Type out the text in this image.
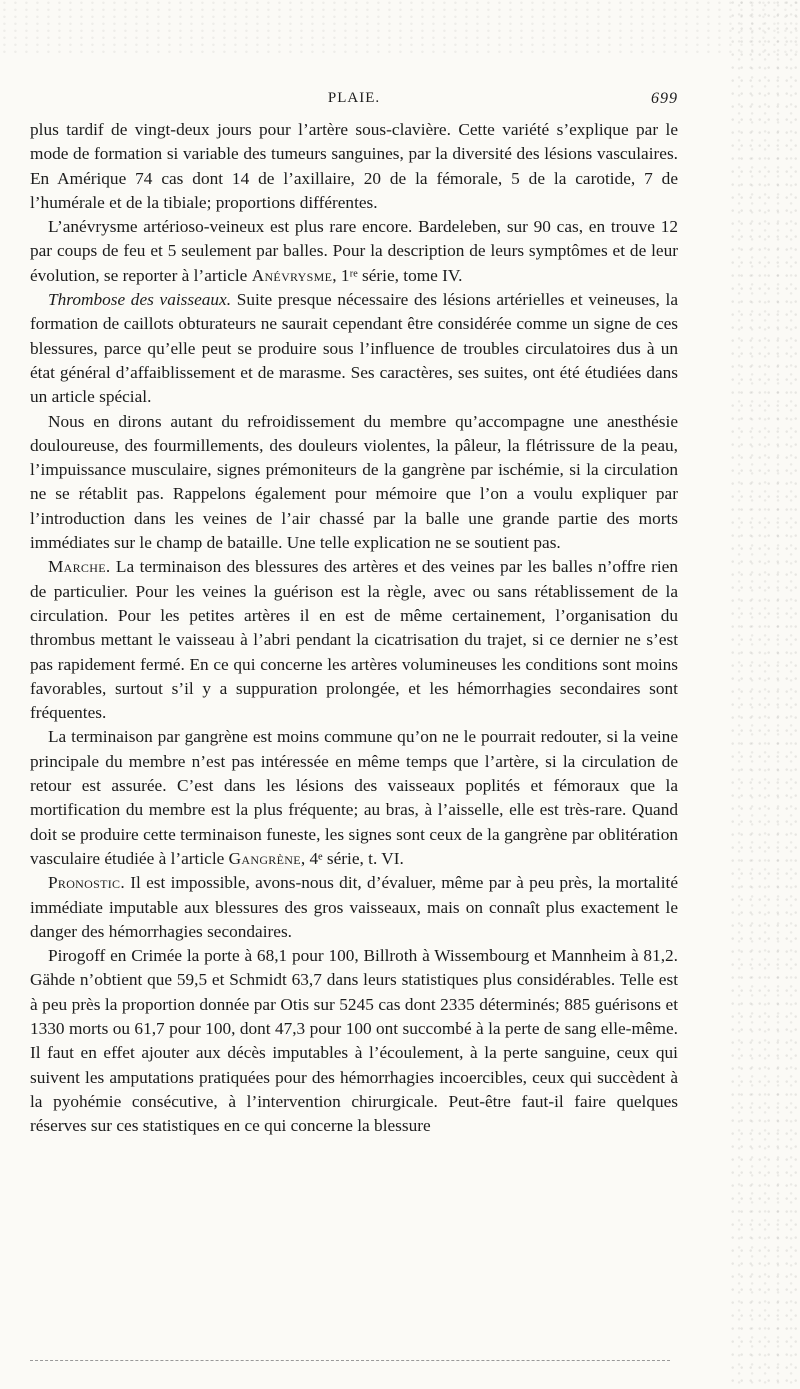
PLAIE.	699

plus tardif de vingt-deux jours pour l’artère sous-clavière. Cette variété s’explique par le mode de formation si variable des tumeurs sanguines, par la diversité des lésions vasculaires. En Amérique 74 cas dont 14 de l’axillaire, 20 de la fémorale, 5 de la carotide, 7 de l’humérale et de la tibiale; proportions différentes.

L’anévrysme artérioso-veineux est plus rare encore. Bardeleben, sur 90 cas, en trouve 12 par coups de feu et 5 seulement par balles. Pour la description de leurs symptômes et de leur évolution, se reporter à l’article Anévrysme, 1ʳᵉ série, tome IV.

Thrombose des vaisseaux. Suite presque nécessaire des lésions artérielles et veineuses, la formation de caillots obturateurs ne saurait cependant être considérée comme un signe de ces blessures, parce qu’elle peut se produire sous l’influence de troubles circulatoires dus à un état général d’affaiblissement et de marasme. Ses caractères, ses suites, ont été étudiées dans un article spécial.

Nous en dirons autant du refroidissement du membre qu’accompagne une anesthésie douloureuse, des fourmillements, des douleurs violentes, la pâleur, la flétrissure de la peau, l’impuissance musculaire, signes prémoniteurs de la gangrène par ischémie, si la circulation ne se rétablit pas. Rappelons également pour mémoire que l’on a voulu expliquer par l’introduction dans les veines de l’air chassé par la balle une grande partie des morts immédiates sur le champ de bataille. Une telle explication ne se soutient pas.

Marche. La terminaison des blessures des artères et des veines par les balles n’offre rien de particulier. Pour les veines la guérison est la règle, avec ou sans rétablissement de la circulation. Pour les petites artères il en est de même certainement, l’organisation du thrombus mettant le vaisseau à l’abri pendant la cicatrisation du trajet, si ce dernier ne s’est pas rapidement fermé. En ce qui concerne les artères volumineuses les conditions sont moins favorables, surtout s’il y a suppuration prolongée, et les hémorrhagies secondaires sont fréquentes.

La terminaison par gangrène est moins commune qu’on ne le pourrait redouter, si la veine principale du membre n’est pas intéressée en même temps que l’artère, si la circulation de retour est assurée. C’est dans les lésions des vaisseaux poplités et fémoraux que la mortification du membre est la plus fréquente; au bras, à l’aisselle, elle est très-rare. Quand doit se produire cette terminaison funeste, les signes sont ceux de la gangrène par oblitération vasculaire étudiée à l’article Gangrène, 4ᵉ série, t. VI.

Pronostic. Il est impossible, avons-nous dit, d’évaluer, même par à peu près, la mortalité immédiate imputable aux blessures des gros vaisseaux, mais on connaît plus exactement le danger des hémorrhagies secondaires.

Pirogoff en Crimée la porte à 68,1 pour 100, Billroth à Wissembourg et Mannheim à 81,2. Gähde n’obtient que 59,5 et Schmidt 63,7 dans leurs statistiques plus considérables. Telle est à peu près la proportion donnée par Otis sur 5245 cas dont 2335 déterminés; 885 guérisons et 1330 morts ou 61,7 pour 100, dont 47,3 pour 100 ont succombé à la perte de sang elle-même. Il faut en effet ajouter aux décès imputables à l’écoulement, à la perte sanguine, ceux qui suivent les amputations pratiquées pour des hémorrhagies incoercibles, ceux qui succèdent à la pyohémie consécutive, à l’intervention chirurgicale. Peut-être faut-il faire quelques réserves sur ces statistiques en ce qui concerne la blessure
